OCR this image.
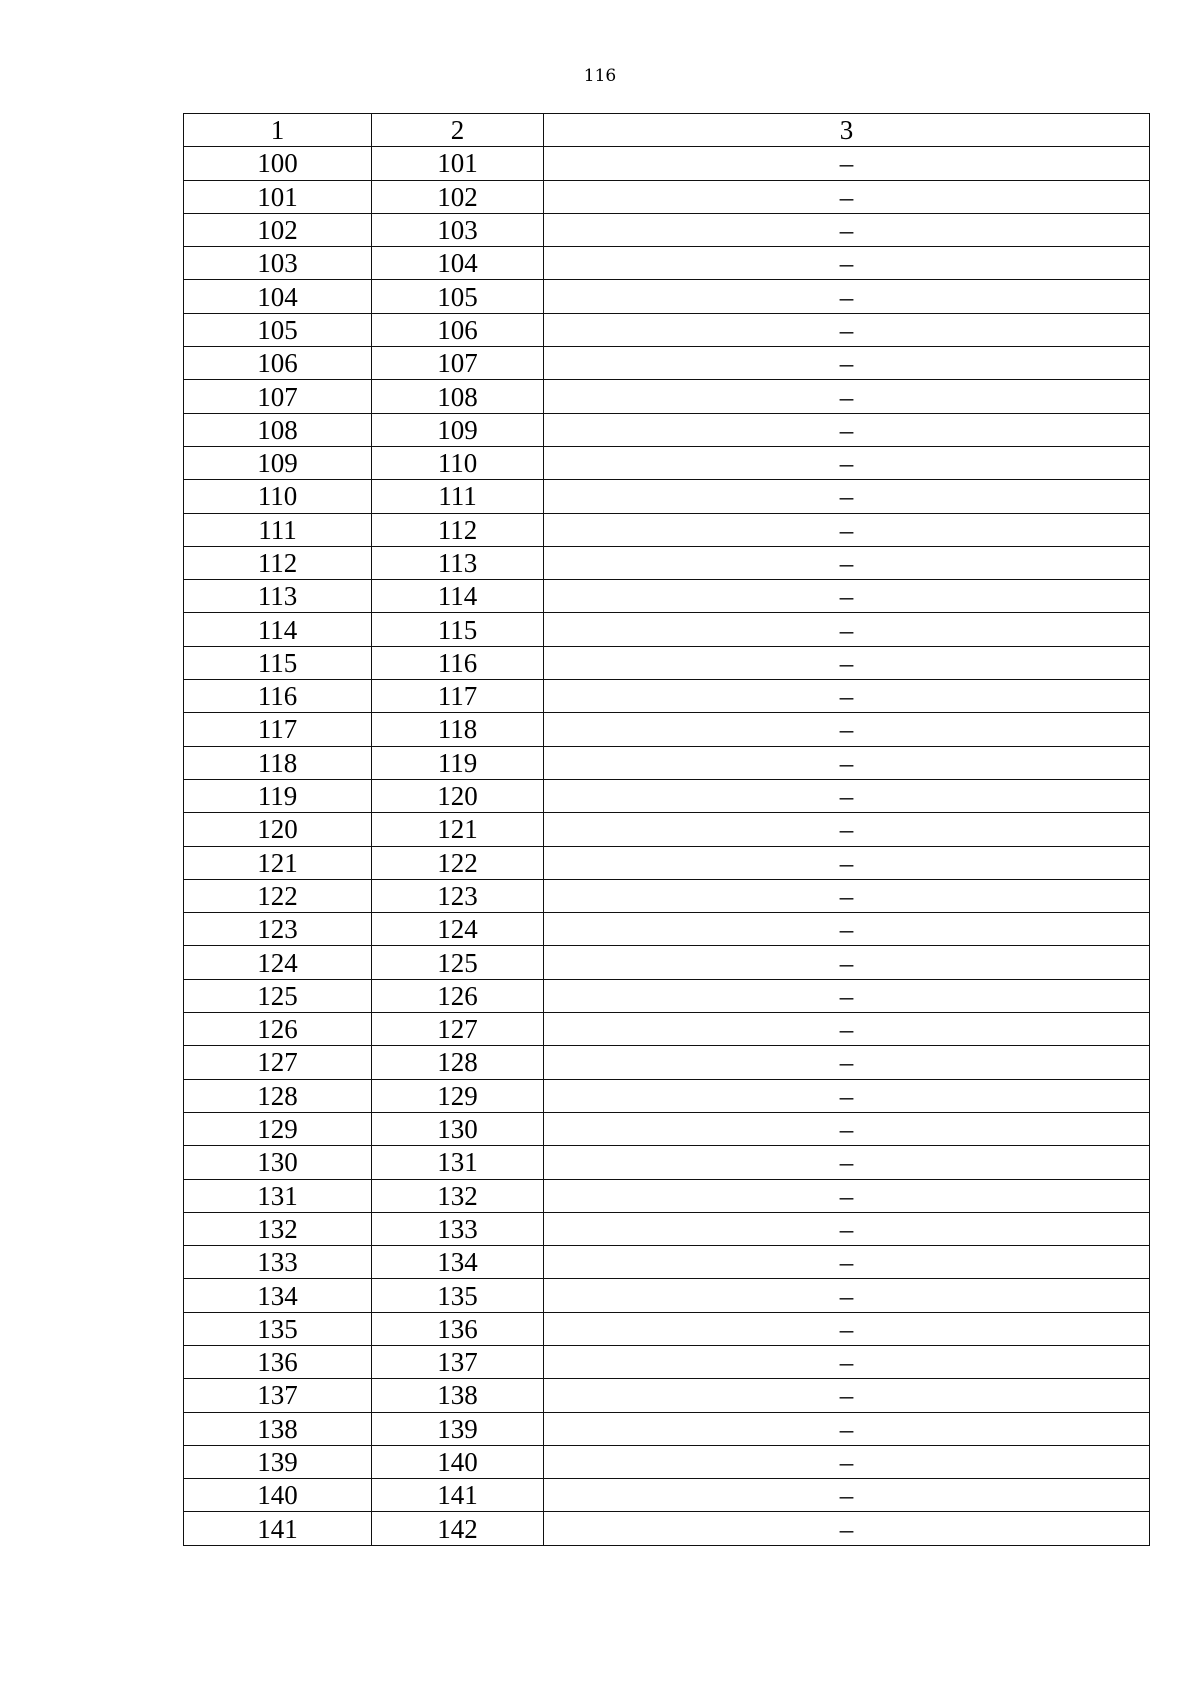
116
1	2	3
100	101	–
101	102	–
102	103	–
103	104	–
104	105	–
105	106	–
106	107	–
107	108	–
108	109	–
109	110	–
110	111	–
111	112	–
112	113	–
113	114	–
114	115	–
115	116	–
116	117	–
117	118	–
118	119	–
119	120	–
120	121	–
121	122	–
122	123	–
123	124	–
124	125	–
125	126	–
126	127	–
127	128	–
128	129	–
129	130	–
130	131	–
131	132	–
132	133	–
133	134	–
134	135	–
135	136	–
136	137	–
137	138	–
138	139	–
139	140	–
140	141	–
141	142	–
